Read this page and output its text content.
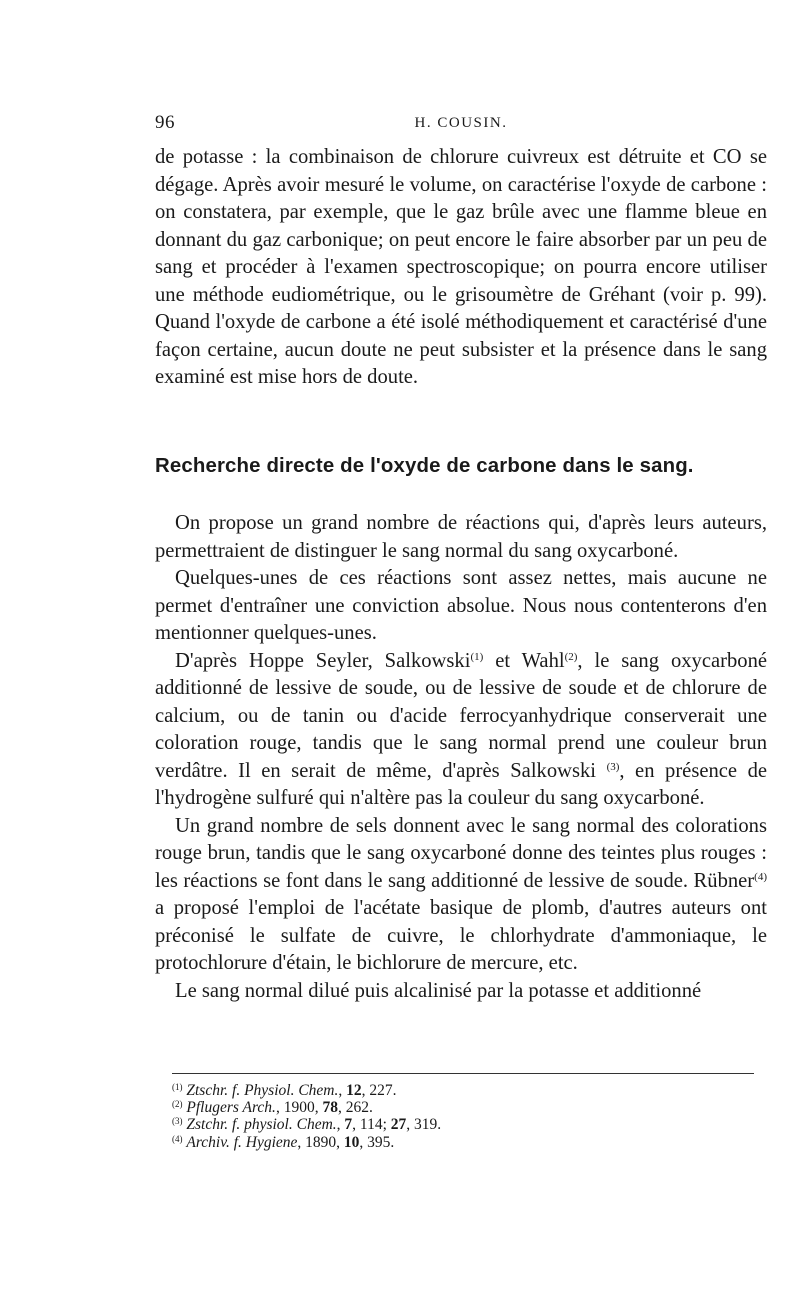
96	H. COUSIN.

de potasse : la combinaison de chlorure cuivreux est détruite et CO se dégage. Après avoir mesuré le volume, on caractérise l'oxyde de carbone : on constatera, par exemple, que le gaz brûle avec une flamme bleue en donnant du gaz carbonique; on peut encore le faire absorber par un peu de sang et procéder à l'examen spectroscopique; on pourra encore utiliser une méthode eudiométrique, ou le grisoumètre de Gréhant (voir p. 99). Quand l'oxyde de carbone a été isolé méthodiquement et caractérisé d'une façon certaine, aucun doute ne peut subsister et la présence dans le sang examiné est mise hors de doute.

Recherche directe de l'oxyde de carbone dans le sang.

On propose un grand nombre de réactions qui, d'après leurs auteurs, permettraient de distinguer le sang normal du sang oxycarboné.

Quelques-unes de ces réactions sont assez nettes, mais aucune ne permet d'entraîner une conviction absolue. Nous nous contenterons d'en mentionner quelques-unes.

D'après Hoppe Seyler, Salkowski$^{(1)}$ et Wahl$^{(2)}$, le sang oxycarboné additionné de lessive de soude, ou de lessive de soude et de chlorure de calcium, ou de tanin ou d'acide ferrocyanhydrique conserverait une coloration rouge, tandis que le sang normal prend une couleur brun verdâtre. Il en serait de même, d'après Salkowski $^{(3)}$, en présence de l'hydrogène sulfuré qui n'altère pas la couleur du sang oxycarboné.

Un grand nombre de sels donnent avec le sang normal des colorations rouge brun, tandis que le sang oxycarboné donne des teintes plus rouges : les réactions se font dans le sang additionné de lessive de soude. Rübner$^{(4)}$ a proposé l'emploi de l'acétate basique de plomb, d'autres auteurs ont préconisé le sulfate de cuivre, le chlorhydrate d'ammoniaque, le protochlorure d'étain, le bichlorure de mercure, etc.

Le sang normal dilué puis alcalinisé par la potasse et additionné

$^{(1)}$ Ztschr. f. Physiol. Chem., 12, 227.
$^{(2)}$ Pflugers Arch., 1900, 78, 262.
$^{(3)}$ Zstchr. f. physiol. Chem., 7, 114; 27, 319.
$^{(4)}$ Archiv. f. Hygiene, 1890, 10, 395.
